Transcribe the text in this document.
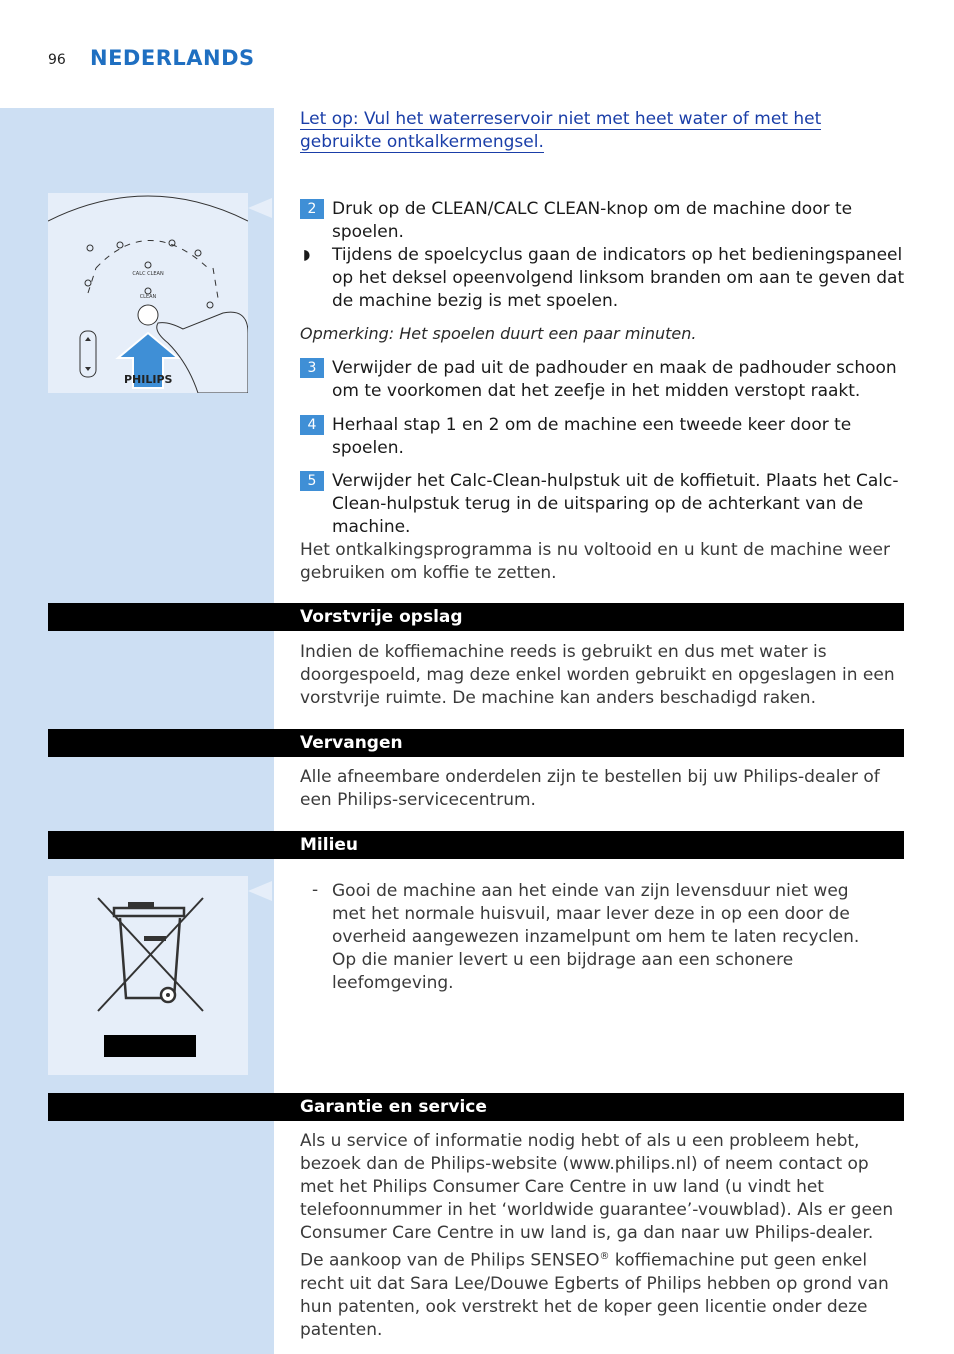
96 NEDERLANDS
Let op: Vul het waterreservoir niet met heet water of met het gebruikte ontkalkermengsel.
CALC CLEAN
CLEAN
PHILIPS
2 Druk op de CLEAN/CALC CLEAN-knop om de machine door te spoelen.
◗ Tijdens de spoelcyclus gaan de indicators op het bedieningspaneel op het deksel opeenvolgend linksom branden om aan te geven dat de machine bezig is met spoelen.
Opmerking: Het spoelen duurt een paar minuten.
3 Verwijder de pad uit de padhouder en maak de padhouder schoon om te voorkomen dat het zeefje in het midden verstopt raakt.
4 Herhaal stap 1 en 2 om de machine een tweede keer door te spoelen.
5 Verwijder het Calc-Clean-hulpstuk uit de koffietuit. Plaats het Calc-Clean-hulpstuk terug in de uitsparing op de achterkant van de machine.
Het ontkalkingsprogramma is nu voltooid en u kunt de machine weer gebruiken om koffie te zetten.
Vorstvrije opslag
Indien de koffiemachine reeds is gebruikt en dus met water is doorgespoeld, mag deze enkel worden gebruikt en opgeslagen in een vorstvrije ruimte. De machine kan anders beschadigd raken.
Vervangen
Alle afneembare onderdelen zijn te bestellen bij uw Philips-dealer of een Philips-servicecentrum.
Milieu
- Gooi de machine aan het einde van zijn levensduur niet weg met het normale huisvuil, maar lever deze in op een door de overheid aangewezen inzamelpunt om hem te laten recyclen. Op die manier levert u een bijdrage aan een schonere leefomgeving.
Garantie en service
Als u service of informatie nodig hebt of als u een probleem hebt, bezoek dan de Philips-website (www.philips.nl) of neem contact op met het Philips Consumer Care Centre in uw land (u vindt het telefoonnummer in het ‘worldwide guarantee’-vouwblad). Als er geen Consumer Care Centre in uw land is, ga dan naar uw Philips-dealer.
De aankoop van de Philips SENSEO® koffiemachine put geen enkel recht uit dat Sara Lee/Douwe Egberts of Philips hebben op grond van hun patenten, ook verstrekt het de koper geen licentie onder deze patenten.
